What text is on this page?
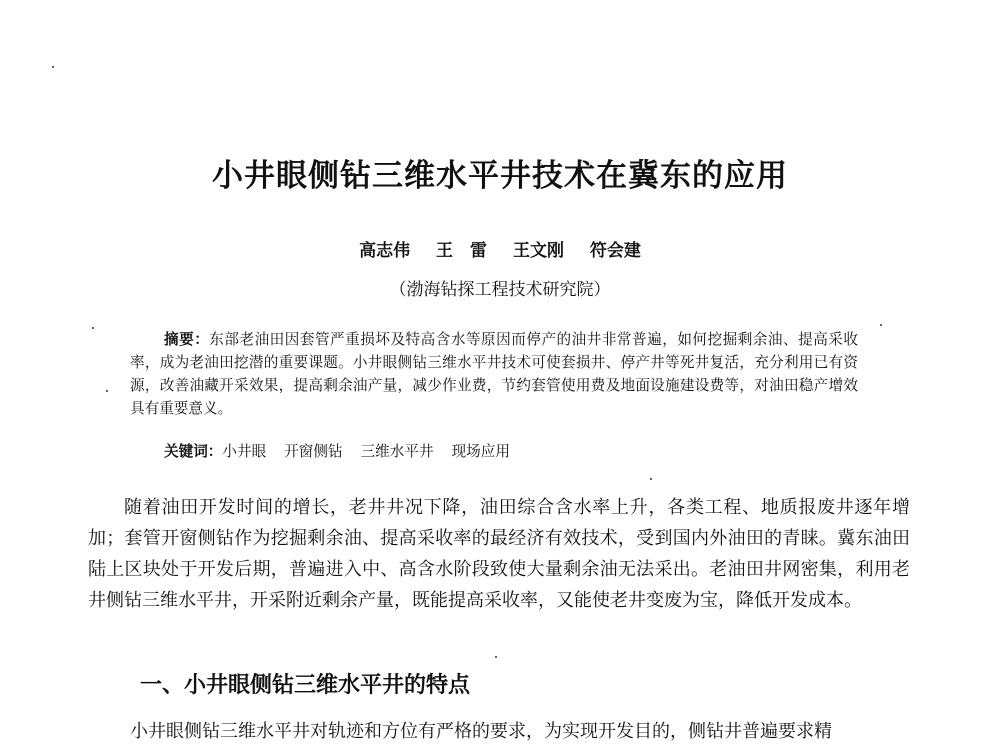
小井眼侧钻三维水平井技术在冀东的应用

高志伟 王　雷 王文刚 符会建

（渤海钻探工程技术研究院）

摘要：东部老油田因套管严重损坏及特高含水等原因而停产的油井非常普遍，如何挖掘剩余油、提高采收率，成为老油田挖潜的重要课题。小井眼侧钻三维水平井技术可使套损井、停产井等死井复活，充分利用已有资源，改善油藏开采效果，提高剩余油产量，减少作业费，节约套管使用费及地面设施建设费等，对油田稳产增效具有重要意义。

关键词：小井眼 开窗侧钻 三维水平井 现场应用

随着油田开发时间的增长，老井井况下降，油田综合含水率上升，各类工程、地质报废井逐年增加；套管开窗侧钻作为挖掘剩余油、提高采收率的最经济有效技术，受到国内外油田的青睐。冀东油田陆上区块处于开发后期，普遍进入中、高含水阶段致使大量剩余油无法采出。老油田井网密集，利用老井侧钻三维水平井，开采附近剩余产量，既能提高采收率，又能使老井变废为宝，降低开发成本。

一、小井眼侧钻三维水平井的特点

小井眼侧钻三维水平井对轨迹和方位有严格的要求，为实现开发目的，侧钻井普遍要求精
